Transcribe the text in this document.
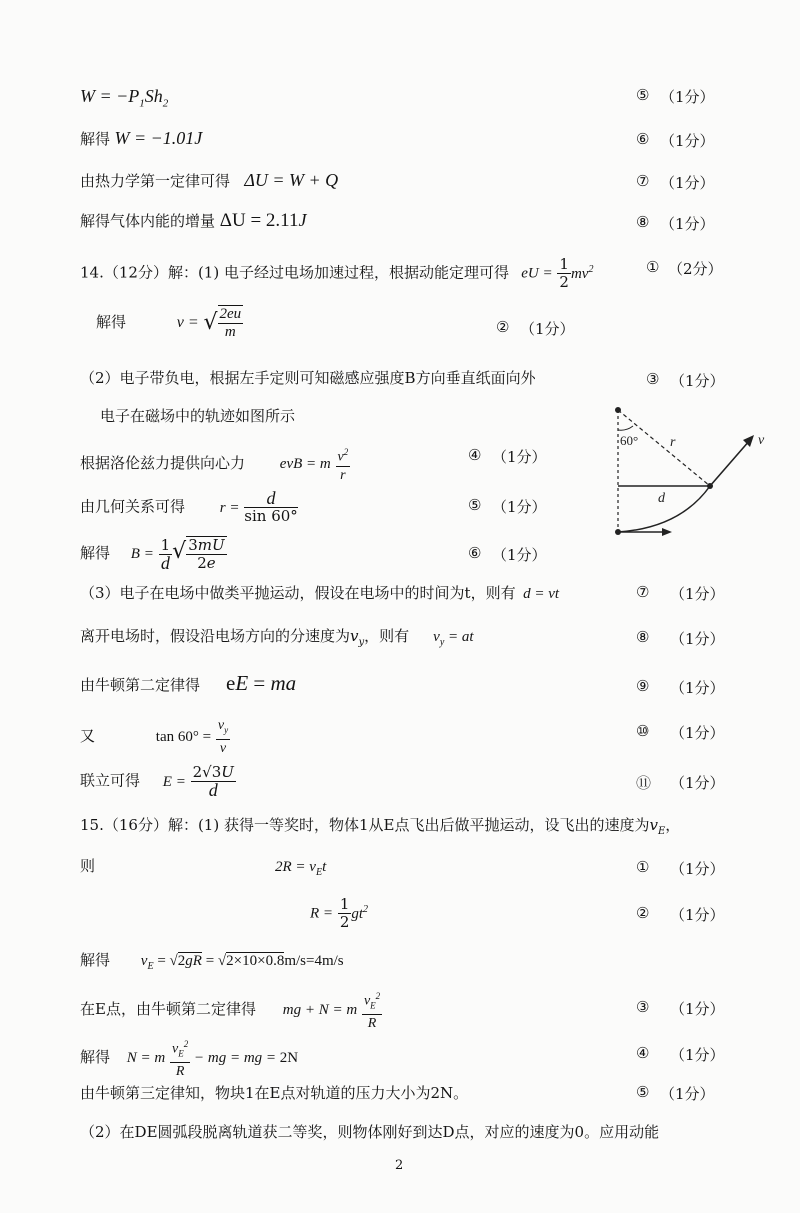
$W = -P_1Sh_2$	⑤ （1分）
解得 W = −1.01J	⑥ （1分）
由热力学第一定律可得   ΔU = W + Q	⑦ （1分）
解得气体内能的增量 ΔU = 2.11J	⑧ （1分）
14.（12分）解：(1) 电子经过电场加速过程，根据动能定理可得   eU = $\frac{1}{2} mv^2$	① （2分）
解得	v = √ $\frac{2eu}{m}$	② （1分）
（2）电子带负电，根据左手定则可知磁感应强度B方向垂直纸面向外	③ （1分）
电子在磁场中的轨迹如图所示
根据洛伦兹力提供向心力 evB = m $\frac{v^2}{r}$	④ （1分）
由几何关系可得 $r = \frac{d}{\sin 60^\circ}$	⑤ （1分）
解得 $B = \frac{1}{d}$ √ $\frac{3mU}{2e}$	⑥ （1分）
（3）电子在电场中做类平抛运动，假设在电场中的时间为t，则有  d = vt	⑦ （1分）
离开电场时，假设沿电场方向的分速度为$v_y$，则有 $v_y$ = at	⑧ （1分）
由牛顿第二定律得 eE = ma	⑨ （1分）
又	$\tan 60^\circ = \frac{v_y}{v}$	⑩ （1分）
联立可得 $E = \frac{2√3U}{d}$	⑪ （1分）
15.（16分）解：(1) 获得一等奖时，物体1从E点飞出后做平抛运动，设飞出的速度为$v_E$，
则	$2R = v_Et$	① （1分）
$R = \frac{1}{2} gt^2$	② （1分）
解得 $v_E = √2gR = √2\times 10\times 0.8m/s=4m/s$
在E点，由牛顿第二定律得 mg + N = m $\frac{v_E^2}{R}$	③ （1分）
解得 N = m $\frac{v_E^2}{R}$ − mg = mg = 2N	④ （1分）
由牛顿第三定律知，物块1在E点对轨道的压力大小为2N。	⑤ （1分）
（2）在DE圆弧段脱离轨道获二等奖，则物体刚好到达D点，对应的速度为0。应用动能
2
60° r
d
v
